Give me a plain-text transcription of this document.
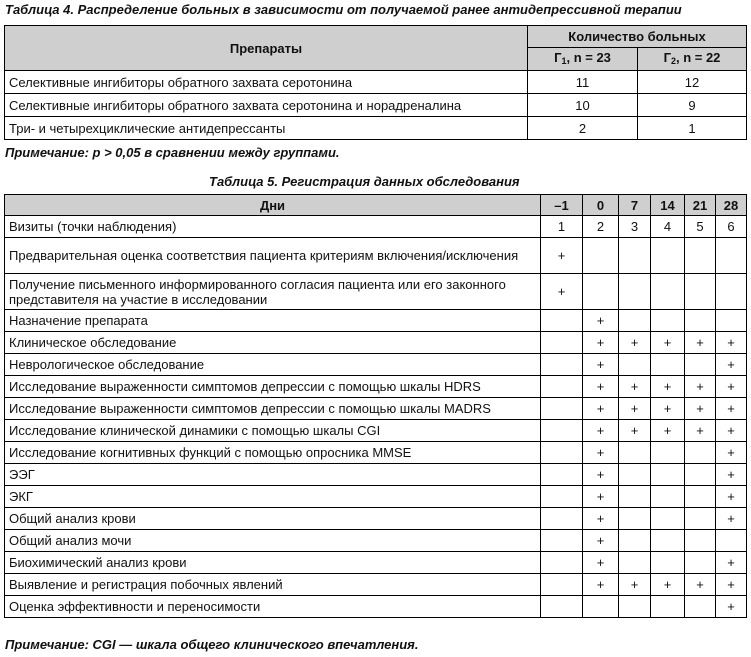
Таблица 4. Распределение больных в зависимости от получаемой ранее антидепрессивной терапии
Препараты	Количество больных	
	$Г_1$, n = 23	$Г_2$, n = 22
Селективные ингибиторы обратного захвата серотонина	11	12
Селективные ингибиторы обратного захвата серотонина и норадреналина	10	9
Три- и четырехциклические антидепрессанты	2	1
Примечание: p > 0,05 в сравнении между группами.
Таблица 5. Регистрация данных обследования
Дни	–1	0	7	14	21	28
Визиты (точки наблюдения)	1	2	3	4	5	6
Предварительная оценка соответствия пациента критериям включения/исключения	+					
Получение письменного информированного согласия пациента или его законного представителя на участие в исследовании	+					
Назначение препарата		+				
Клиническое обследование		+	+	+	+	+
Неврологическое обследование		+				+
Исследование выраженности симптомов депрессии с помощью шкалы HDRS		+	+	+	+	+
Исследование выраженности симптомов депрессии с помощью шкалы MADRS		+	+	+	+	+
Исследование клинической динамики с помощью шкалы CGI		+	+	+	+	+
Исследование когнитивных функций с помощью опросника MMSE		+				+
ЭЭГ		+				+
ЭКГ		+				+
Общий анализ крови		+				+
Общий анализ мочи		+				
Биохимический анализ крови		+				+
Выявление и регистрация побочных явлений		+	+	+	+	+
Оценка эффективности и переносимости						+
Примечание: CGI — шкала общего клинического впечатления.
